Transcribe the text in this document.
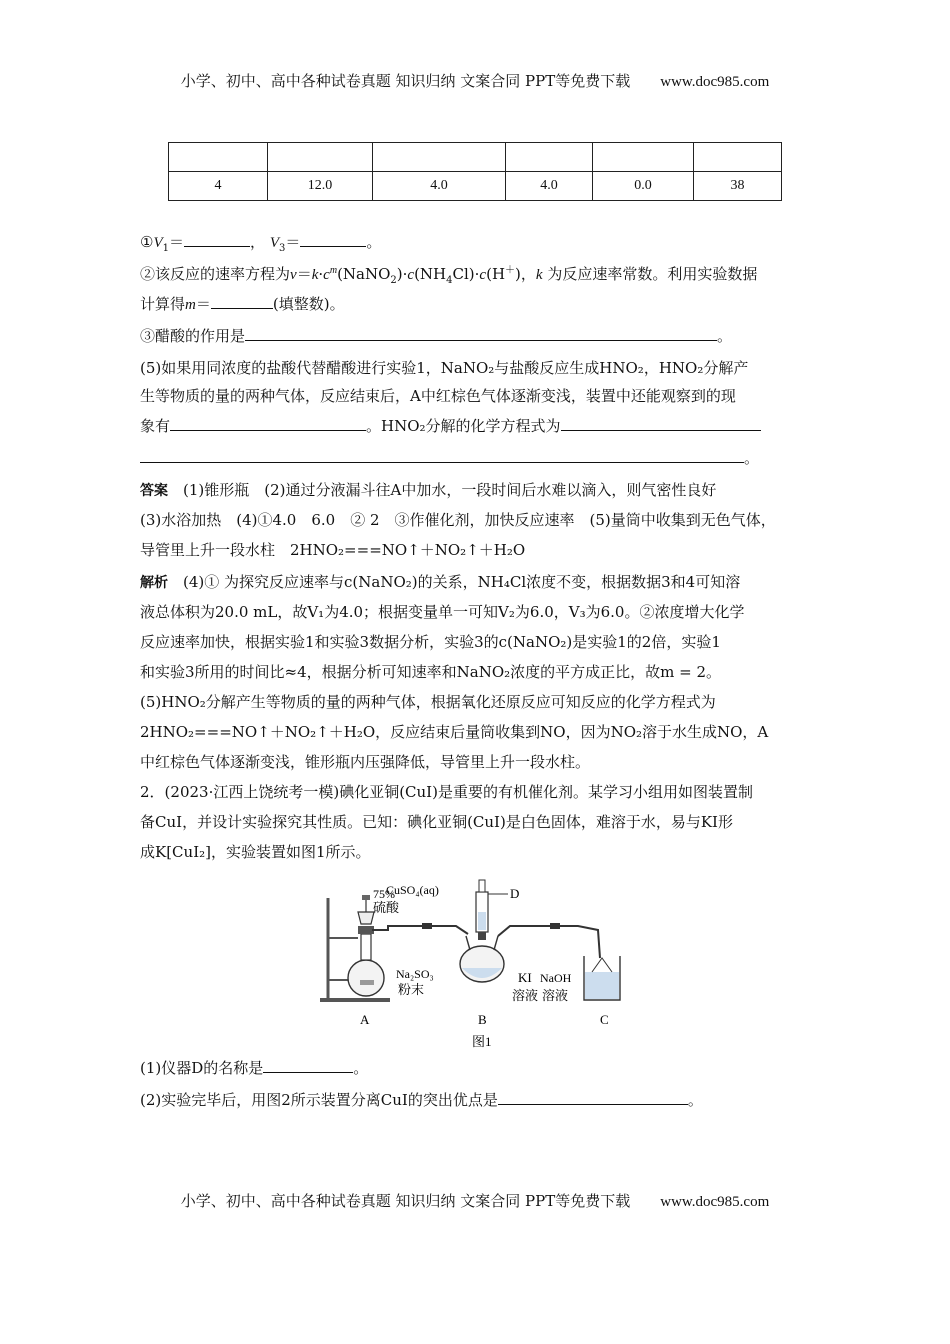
小学、初中、高中各种试卷真题 知识归纳 文案合同 PPT等免费下载 www.doc985.com

4	12.0	4.0	4.0	0.0	38
$①V_1=$	， $V_3=$	。
②该反应的速率方程为$v=k\cdot c^m(NaNO_2)\cdot c(NH_4Cl)\cdot c(H^+)$，k 为反应速率常数。利用实验数据
计算得m＝	(填整数)。
③醋酸的作用是	。
(5)如果用同浓度的盐酸代替醋酸进行实验1，NaNO₂与盐酸反应生成HNO₂，HNO₂分解产
生等物质的量的两种气体，反应结束后，A中红棕色气体逐渐变浅，装置中还能观察到的现
象有	。HNO₂分解的化学方程式为
。
答案　 (1)锥形瓶　(2)通过分液漏斗往A中加水，一段时间后水难以滴入，则气密性良好
(3)水浴加热　(4)①4.0　6.0　② 2　③作催化剂，加快反应速率　(5)量筒中收集到无色气体，
导管里上升一段水柱　2HNO₂===NO↑＋NO₂↑＋H₂O
解析　 (4)① 为探究反应速率与c(NaNO₂)的关系，NH₄Cl浓度不变，根据数据3和4可知溶
液总体积为20.0 mL，故V₁为4.0；根据变量单一可知V₂为6.0，V₃为6.0。②浓度增大化学
反应速率加快，根据实验1和实验3数据分析，实验3的c(NaNO₂)是实验1的2倍，实验1
和实验3所用的时间比≈4，根据分析可知速率和NaNO₂浓度的平方成正比，故m = 2。
(5)HNO₂分解产生等物质的量的两种气体，根据氧化还原反应可知反应的化学方程式为
2HNO₂===NO↑＋NO₂↑＋H₂O，反应结束后量筒收集到NO，因为NO₂溶于水生成NO，A
中红棕色气体逐渐变浅，锥形瓶内压强降低，导管里上升一段水柱。
2．(2023·江西上饶统考一模)碘化亚铜(CuI)是重要的有机催化剂。某学习小组用如图装置制
备CuI，并设计实验探究其性质。已知：碘化亚铜(CuI)是白色固体，难溶于水，易与KI形
成K[CuI₂]，实验装置如图1所示。
75%
硫酸
Na₂SO₃
粉末
CuSO₄(aq)	D
KI
溶液
NaOH
溶液
A	B	C
图1
(1)仪器D的名称是	。
(2)实验完毕后，用图2所示装置分离CuI的突出优点是	。
小学、初中、高中各种试卷真题 知识归纳 文案合同 PPT等免费下载 www.doc985.com
